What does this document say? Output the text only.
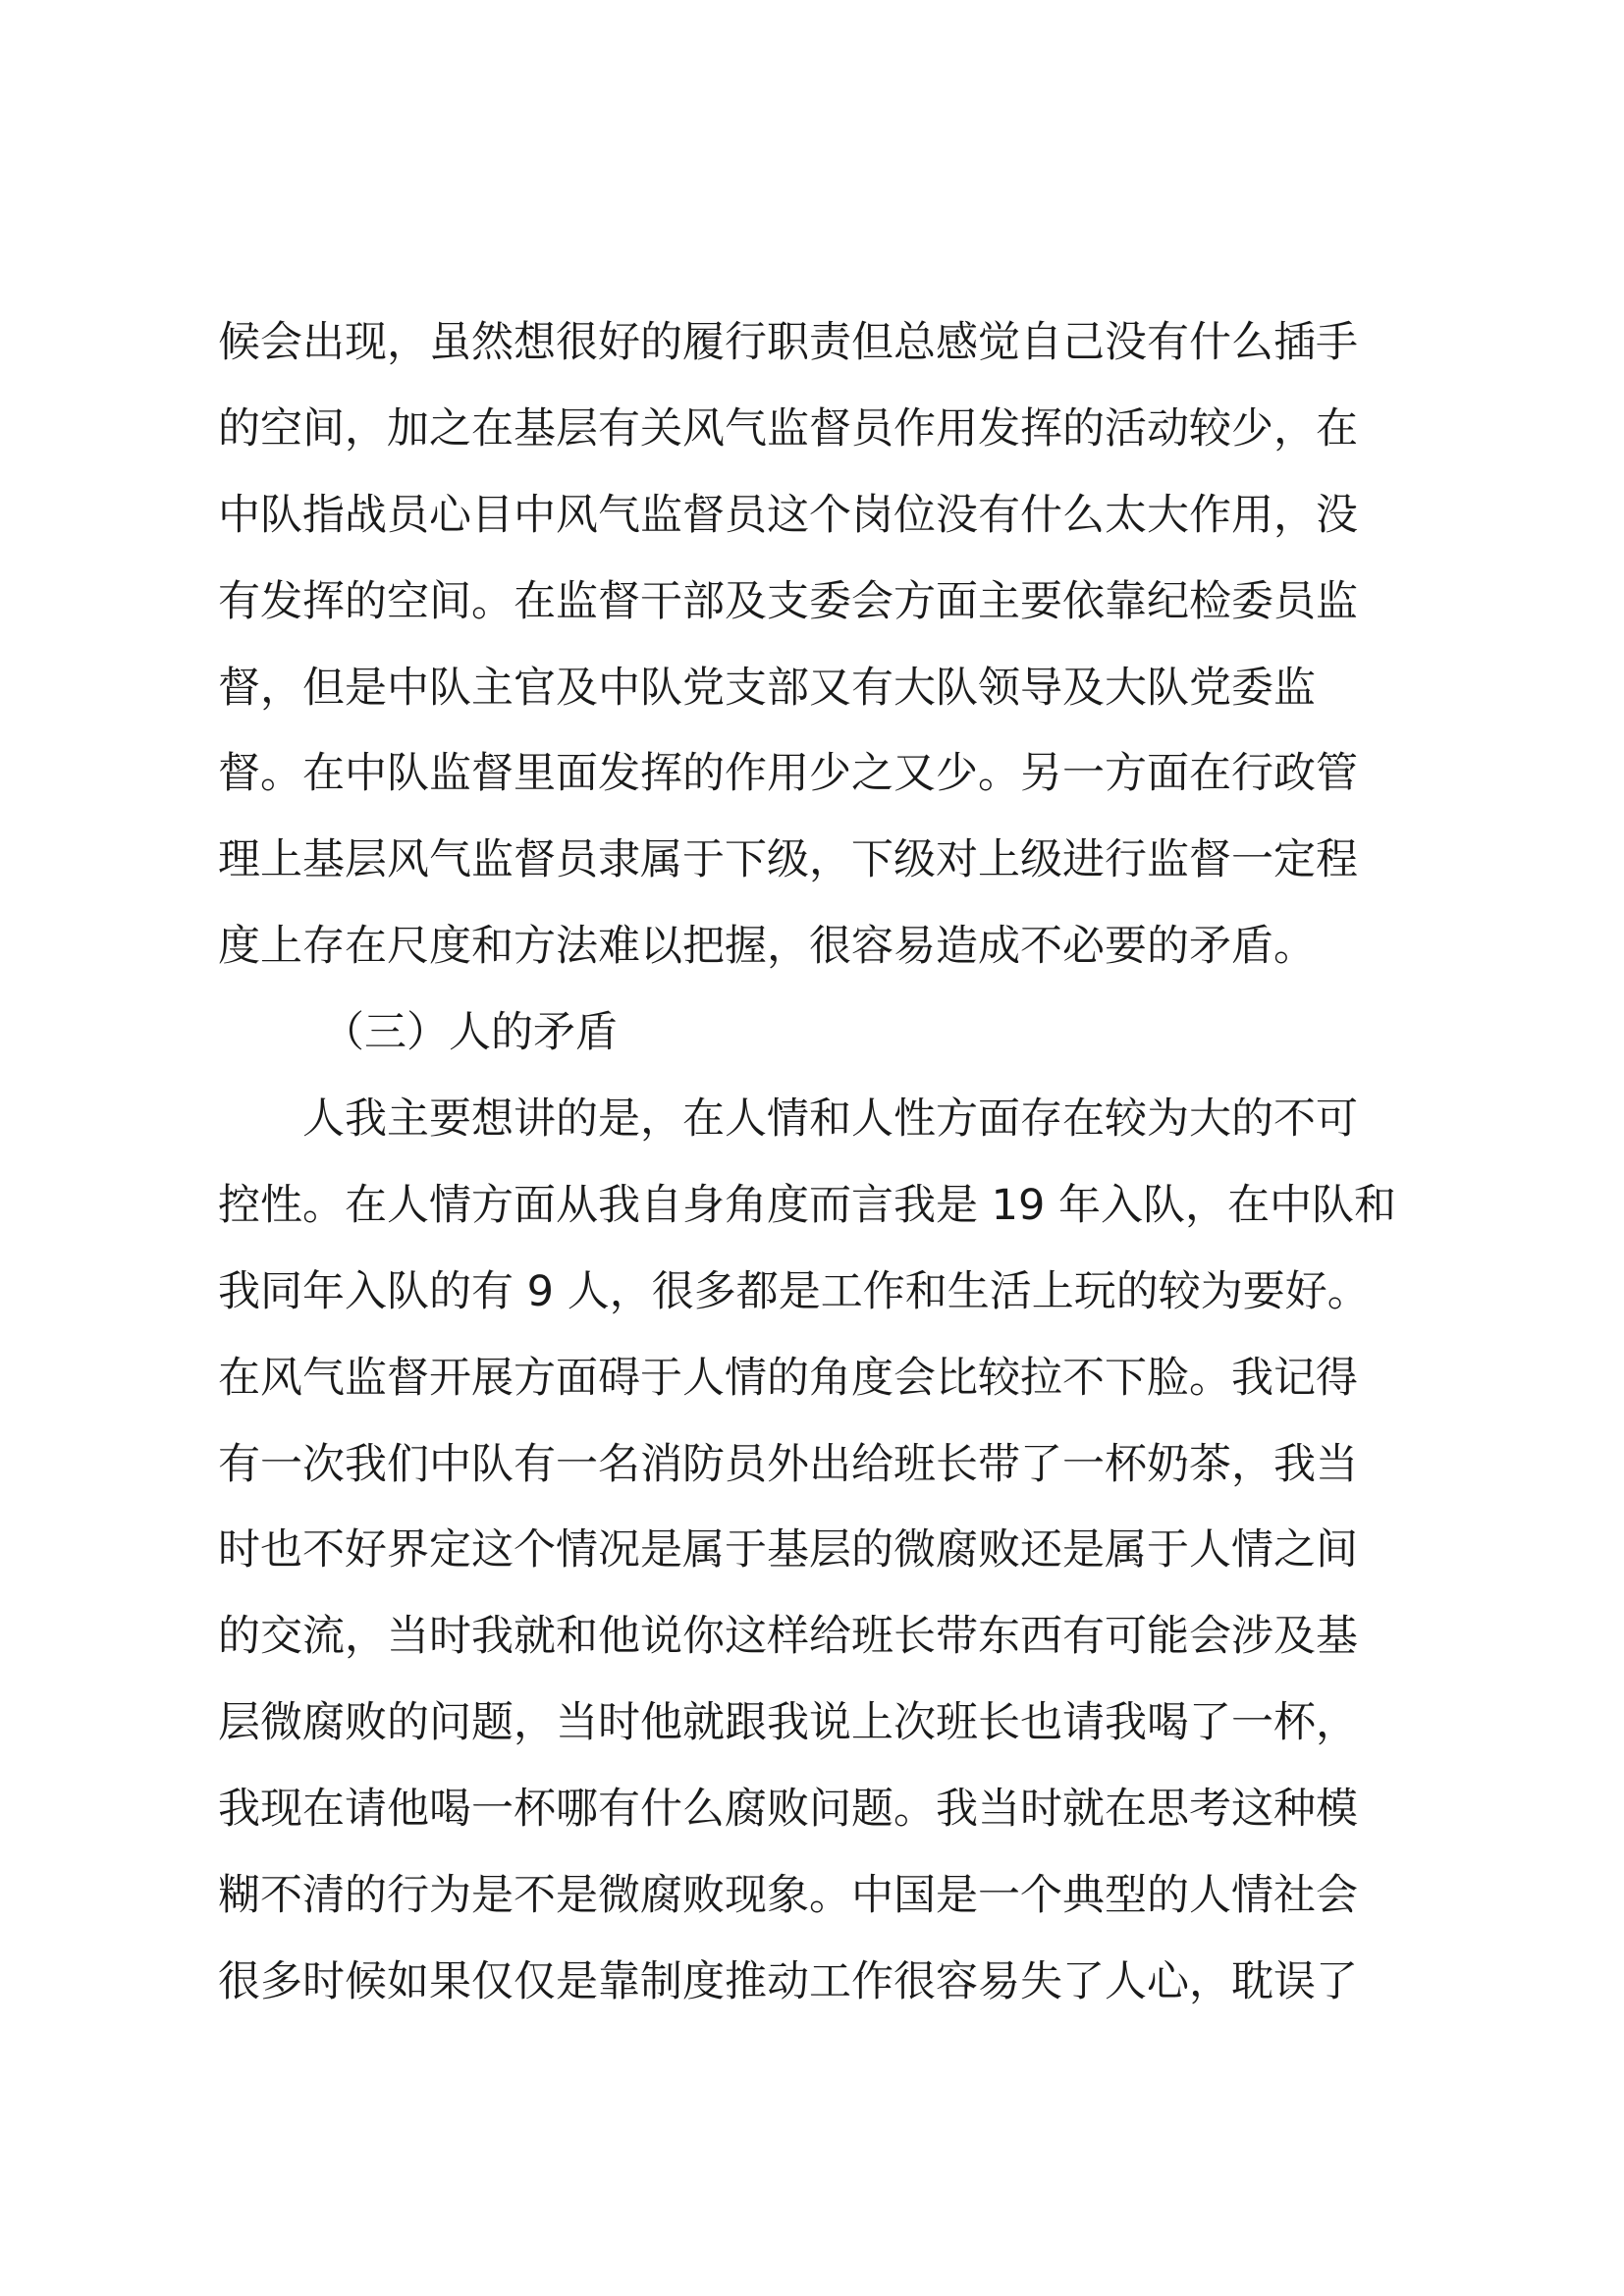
候会出现，虽然想很好的履行职责但总感觉自己没有什么插手
的空间，加之在基层有关风气监督员作用发挥的活动较少，在
中队指战员心目中风气监督员这个岗位没有什么太大作用，没
有发挥的空间。在监督干部及支委会方面主要依靠纪检委员监
督，但是中队主官及中队党支部又有大队领导及大队党委监
督。在中队监督里面发挥的作用少之又少。另一方面在行政管
理上基层风气监督员隶属于下级，下级对上级进行监督一定程
度上存在尺度和方法难以把握，很容易造成不必要的矛盾。
（三）人的矛盾
人我主要想讲的是，在人情和人性方面存在较为大的不可
控性。在人情方面从我自身角度而言我是 19 年入队，在中队和
我同年入队的有 9 人，很多都是工作和生活上玩的较为要好。
在风气监督开展方面碍于人情的角度会比较拉不下脸。我记得
有一次我们中队有一名消防员外出给班长带了一杯奶茶，我当
时也不好界定这个情况是属于基层的微腐败还是属于人情之间
的交流，当时我就和他说你这样给班长带东西有可能会涉及基
层微腐败的问题，当时他就跟我说上次班长也请我喝了一杯，
我现在请他喝一杯哪有什么腐败问题。我当时就在思考这种模
糊不清的行为是不是微腐败现象。中国是一个典型的人情社会
很多时候如果仅仅是靠制度推动工作很容易失了人心，耽误了
